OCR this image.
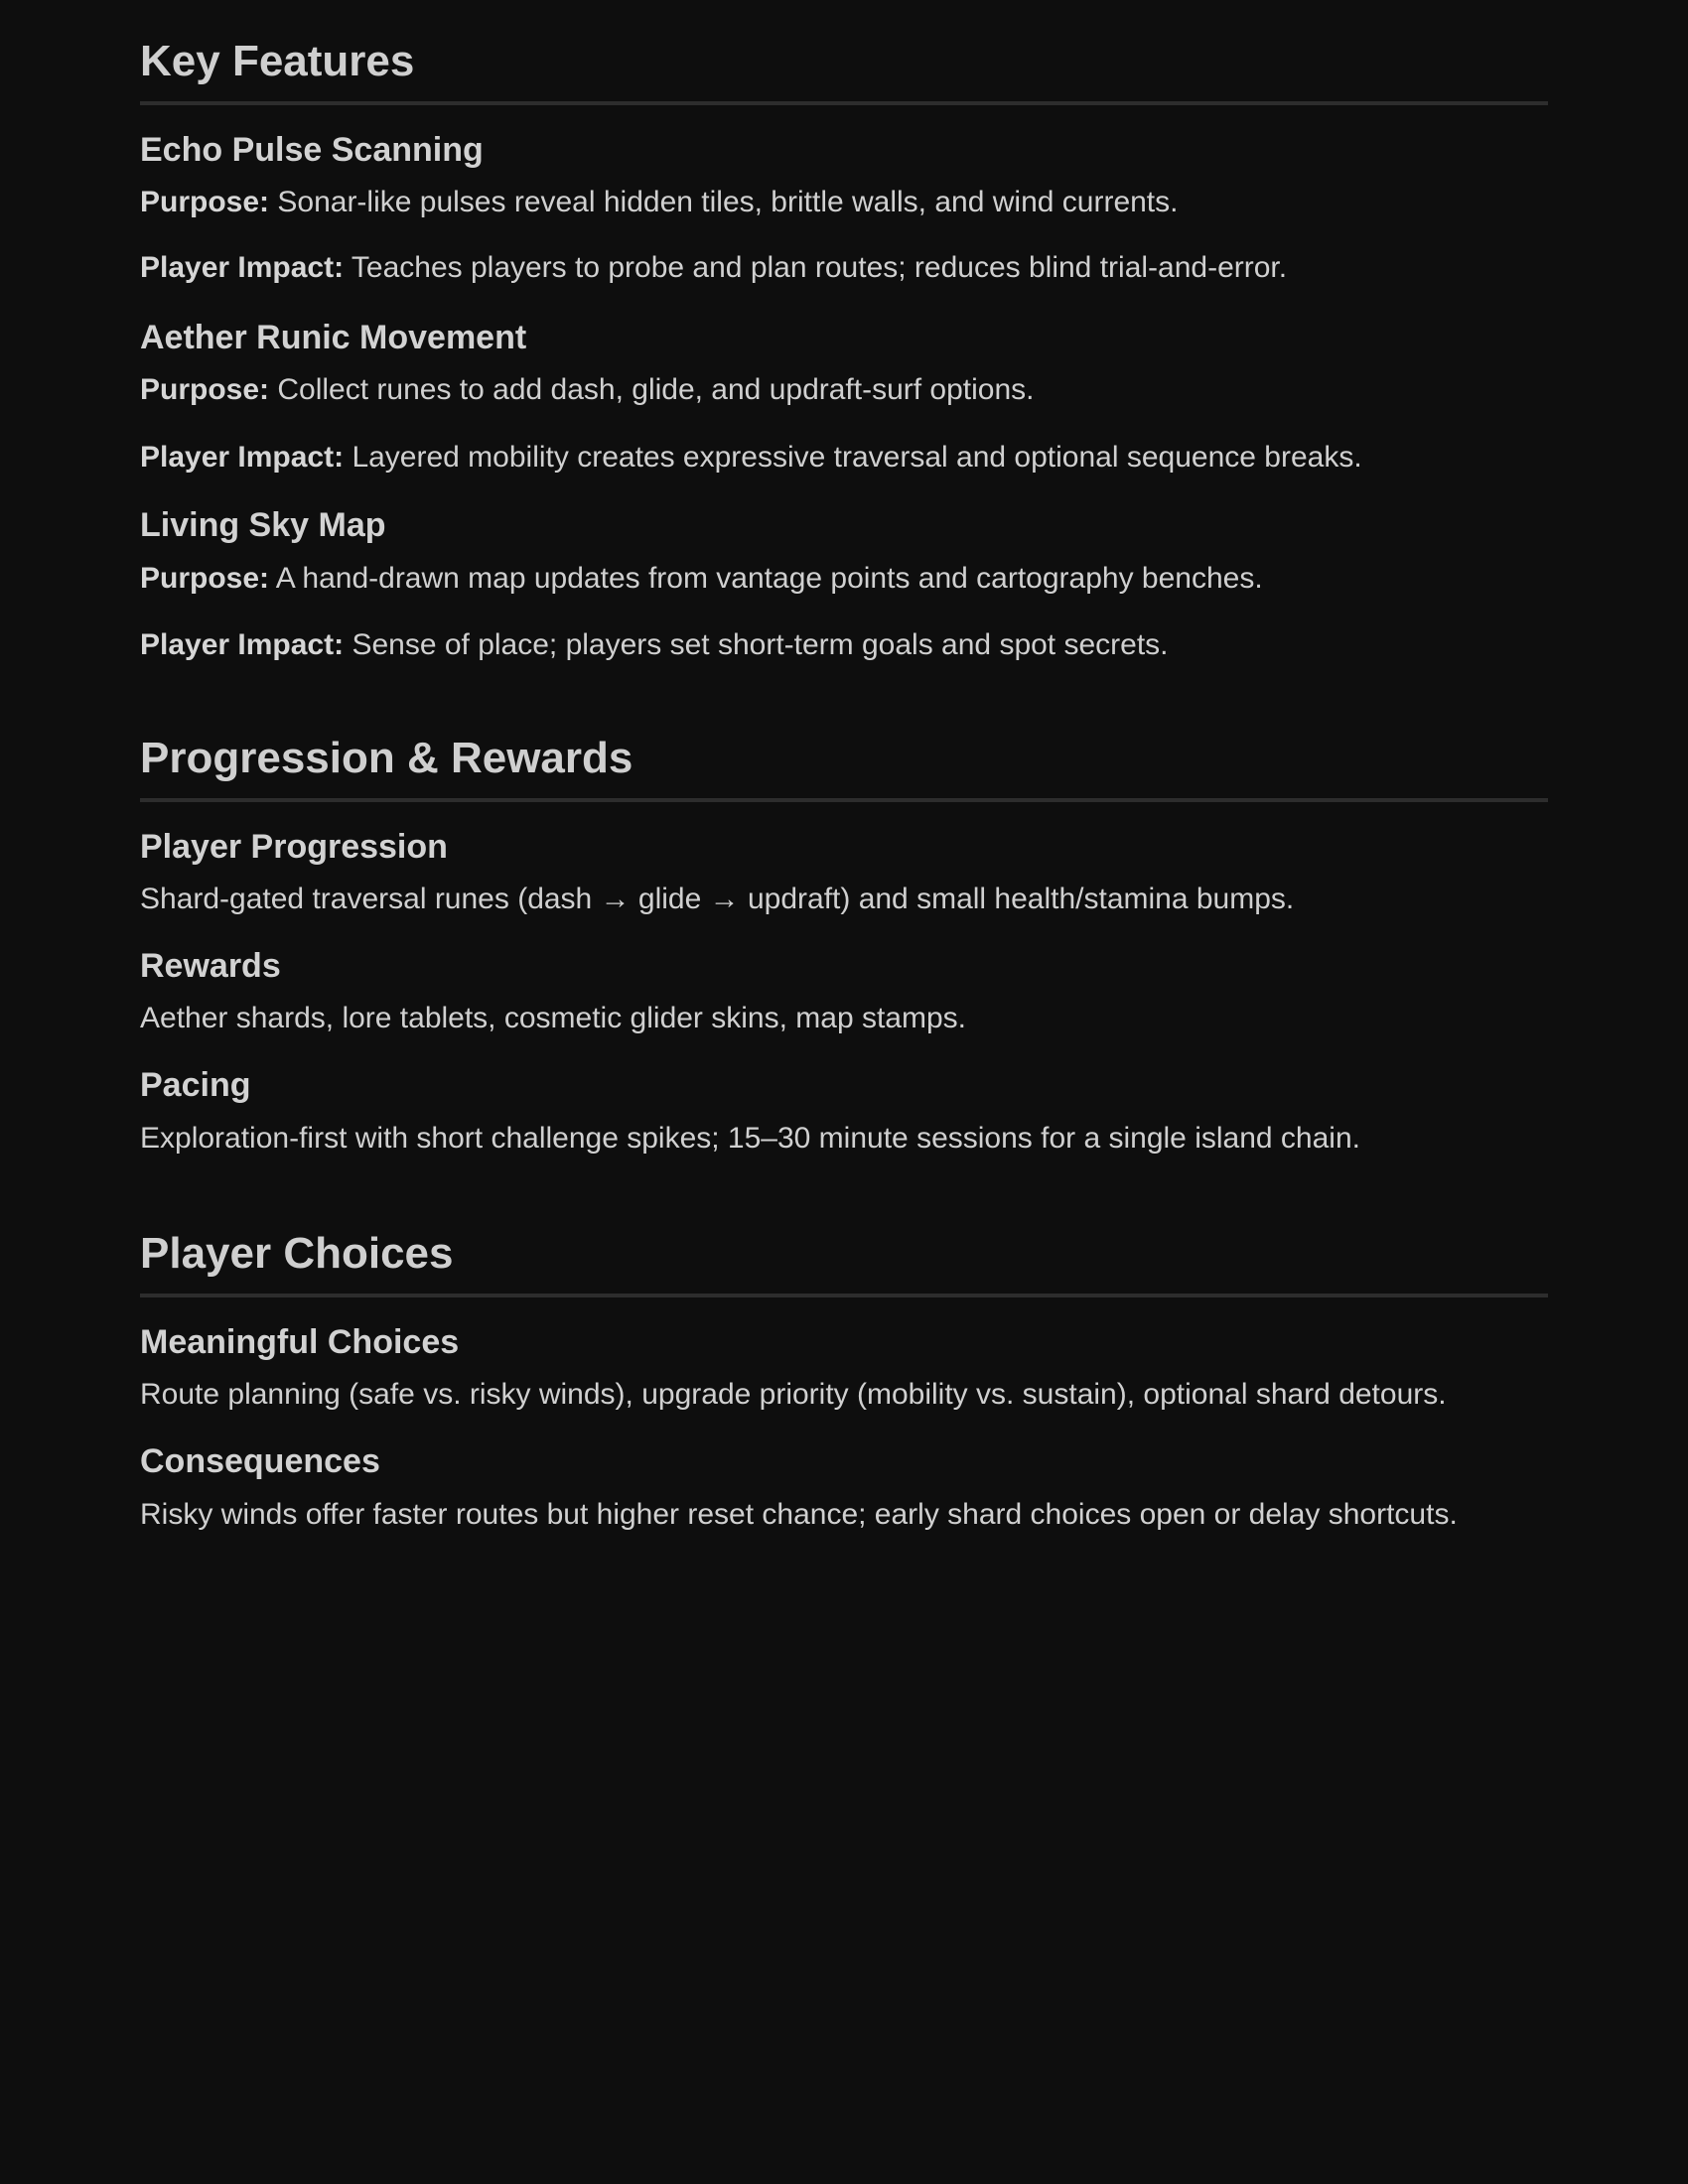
Key Features
Echo Pulse Scanning

Purpose: Sonar-like pulses reveal hidden tiles, brittle walls, and wind currents.

Player Impact: Teaches players to probe and plan routes; reduces blind trial-and-error.

Aether Runic Movement

Purpose: Collect runes to add dash, glide, and updraft-surf options.

Player Impact: Layered mobility creates expressive traversal and optional sequence breaks.

Living Sky Map

Purpose: A hand-drawn map updates from vantage points and cartography benches.

Player Impact: Sense of place; players set short-term goals and spot secrets.

Progression & Rewards
Player Progression

Shard-gated traversal runes (dash → glide → updraft) and small health/stamina bumps.

Rewards

Aether shards, lore tablets, cosmetic glider skins, map stamps.

Pacing

Exploration-first with short challenge spikes; 15–30 minute sessions for a single island chain.

Player Choices
Meaningful Choices

Route planning (safe vs. risky winds), upgrade priority (mobility vs. sustain), optional shard detours.

Consequences

Risky winds offer faster routes but higher reset chance; early shard choices open or delay shortcuts.
